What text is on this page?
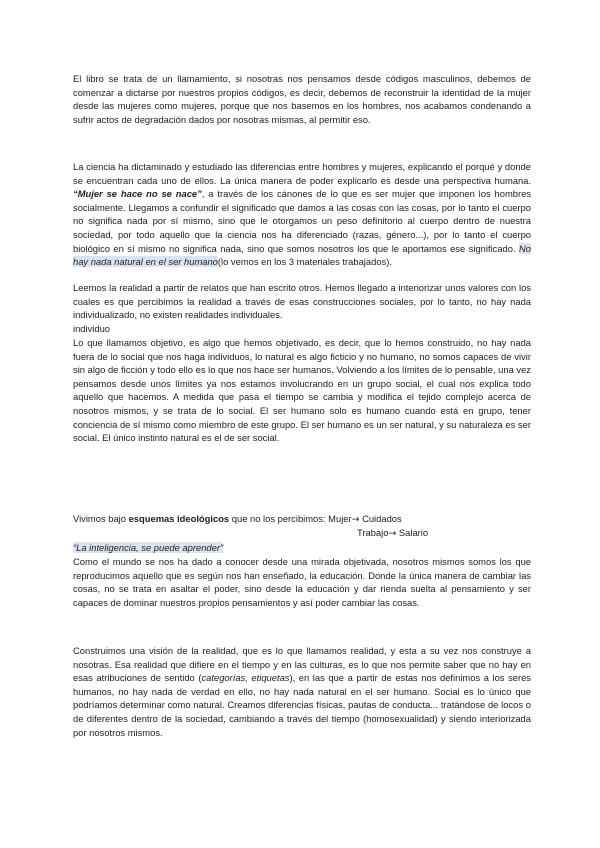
El libro se trata de un llamamiento, si nosotras nos pensamos desde códigos masculinos, debemos de comenzar a dictarse por nuestros propios códigos, es decir, debemos de reconstruir la identidad de la mujer desde las mujeres como mujeres, porque que nos basemos en los hombres, nos acabamos condenando a sufrir actos de degradación dados por nosotras mismas, al permitir eso.

La ciencia ha dictaminado y estudiado las diferencias entre hombres y mujeres, explicando el porqué y donde se encuentran cada uno de ellos. La única manera de poder explicarlo es desde una perspectiva humana. “Mujer se hace no se nace”, a través de los cánones de lo que es ser mujer que imponen los hombres socialmente. Llegamos a confundir el significado que damos a las cosas con las cosas, por lo tanto el cuerpo no significa nada por sí mismo, sino que le otorgamos un peso definitorio al cuerpo dentro de nuestra sociedad, por todo aquello que la ciencia nos ha diferenciado (razas, género...), por lo tanto el cuerpo biológico en sí mismo no significa nada, sino que somos nosotros los que le aportamos ese significado. No hay nada natural en el ser humano(lo vemos en los 3 materiales trabajados).

Leemos la realidad a partir de relatos que han escrito otros. Hemos llegado a interiorizar unos valores con los cuales es que percibimos la realidad a través de esas construcciones sociales, por lo tanto, no hay nada individualizado, no existen realidades individuales.

individuo

Lo que llamamos objetivo, es algo que hemos objetivado, es decir, que lo hemos construido, no hay nada fuera de lo social que nos haga individuos, lo natural es algo ficticio y no humano, no somos capaces de vivir sin algo de ficción y todo ello es lo que nos hace ser humanos. Volviendo a los límites de lo pensable, una vez pensamos desde unos límites ya nos estamos involucrando en un grupo social, el cual nos explica todo aquello que hacemos. A medida que pasa el tiempo se cambia y modifica el tejido complejo acerca de nosotros mismos, y se trata de lo social. El ser humano solo es humano cuando está en grupo, tener conciencia de sí mismo como miembro de este grupo. El ser humano es un ser natural, y su naturaleza es ser social. El único instinto natural es el de ser social.

Vivimos bajo esquemas ideológicos que no los percibimos: Mujer→ Cuidados

Trabajo→ Salario

“La inteligencia, se puede aprender”

Como el mundo se nos ha dado a conocer desde una mirada objetivada, nosotros mismos somos los que reproducimos aquello que es según nos han enseñado, la educación. Donde la única manera de cambiar las cosas, no se trata en asaltar el poder, sino desde la educación y dar rienda suelta al pensamiento y ser capaces de dominar nuestros propios pensamientos y así poder cambiar las cosas.

Construimos una visión de la realidad, que es lo que llamamos realidad, y esta a su vez nos construye a nosotras. Esa realidad que difiere en el tiempo y en las culturas, es lo que nos permite saber que no hay en esas atribuciones de sentido (categorías, etiquetas), en las que a partir de estas nos definimos a los seres humanos, no hay nada de verdad en ello, no hay nada natural en el ser humano. Social es lo único que podríamos determinar como natural. Creamos diferencias físicas, pautas de conducta... tratándose de locos o de diferentes dentro de la sociedad, cambiando a través del tiempo (homosexualidad) y siendo interiorizada por nosotros mismos.
